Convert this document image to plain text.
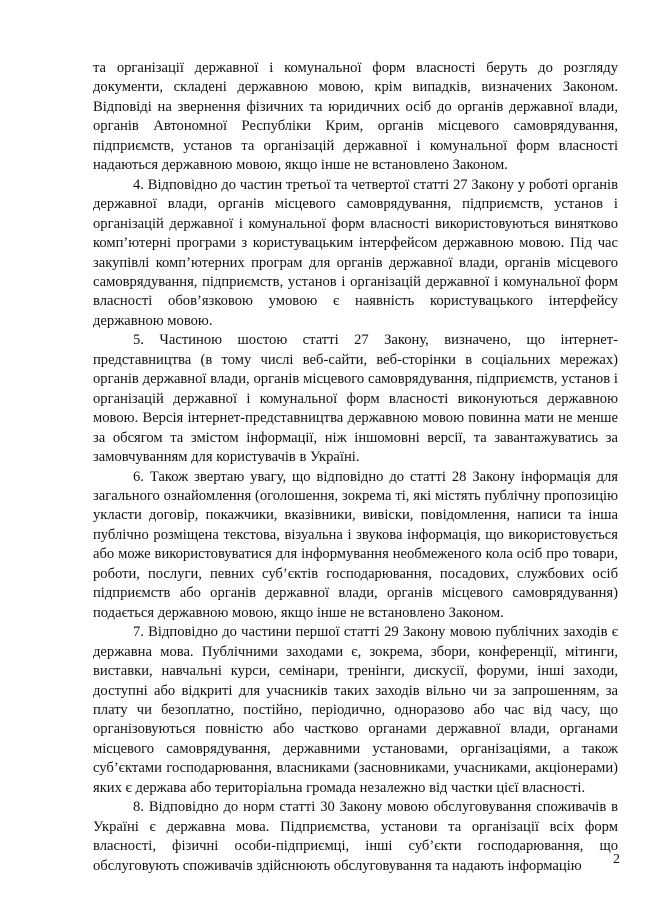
та організації державної і комунальної форм власності беруть до розгляду документи, складені державною мовою, крім випадків, визначених Законом. Відповіді на звернення фізичних та юридичних осіб до органів державної влади, органів Автономної Республіки Крим, органів місцевого самоврядування, підприємств, установ та організацій державної і комунальної форм власності надаються державною мовою, якщо інше не встановлено Законом.

4. Відповідно до частин третьої та четвертої статті 27 Закону у роботі органів державної влади, органів місцевого самоврядування, підприємств, установ і організацій державної і комунальної форм власності використовуються винятково комп’ютерні програми з користувацьким інтерфейсом державною мовою. Під час закупівлі комп’ютерних програм для органів державної влади, органів місцевого самоврядування, підприємств, установ і організацій державної і комунальної форм власності обов’язковою умовою є наявність користувацького інтерфейсу державною мовою.

5. Частиною шостою статті 27 Закону, визначено, що інтернет-представництва (в тому числі веб-сайти, веб-сторінки в соціальних мережах) органів державної влади, органів місцевого самоврядування, підприємств, установ і організацій державної і комунальної форм власності виконуються державною мовою. Версія інтернет-представництва державною мовою повинна мати не менше за обсягом та змістом інформації, ніж іншомовні версії, та завантажуватись за замовчуванням для користувачів в Україні.

6. Також звертаю увагу, що відповідно до статті 28 Закону інформація для загального ознайомлення (оголошення, зокрема ті, які містять публічну пропозицію укласти договір, покажчики, вказівники, вивіски, повідомлення, написи та інша публічно розміщена текстова, візуальна і звукова інформація, що використовується або може використовуватися для інформування необмеженого кола осіб про товари, роботи, послуги, певних суб’єктів господарювання, посадових, службових осіб підприємств або органів державної влади, органів місцевого самоврядування) подається державною мовою, якщо інше не встановлено Законом.

7. Відповідно до частини першої статті 29 Закону мовою публічних заходів є державна мова. Публічними заходами є, зокрема, збори, конференції, мітинги, виставки, навчальні курси, семінари, тренінги, дискусії, форуми, інші заходи, доступні або відкриті для учасників таких заходів вільно чи за запрошенням, за плату чи безоплатно, постійно, періодично, одноразово або час від часу, що організовуються повністю або частково органами державної влади, органами місцевого самоврядування, державними установами, організаціями, а також суб’єктами господарювання, власниками (засновниками, учасниками, акціонерами) яких є держава або територіальна громада незалежно від частки цієї власності.

8. Відповідно до норм статті 30 Закону мовою обслуговування споживачів в Україні є державна мова. Підприємства, установи та організації всіх форм власності, фізичні особи-підприємці, інші суб’єкти господарювання, що обслуговують споживачів здійснюють обслуговування та надають інформацію	2
